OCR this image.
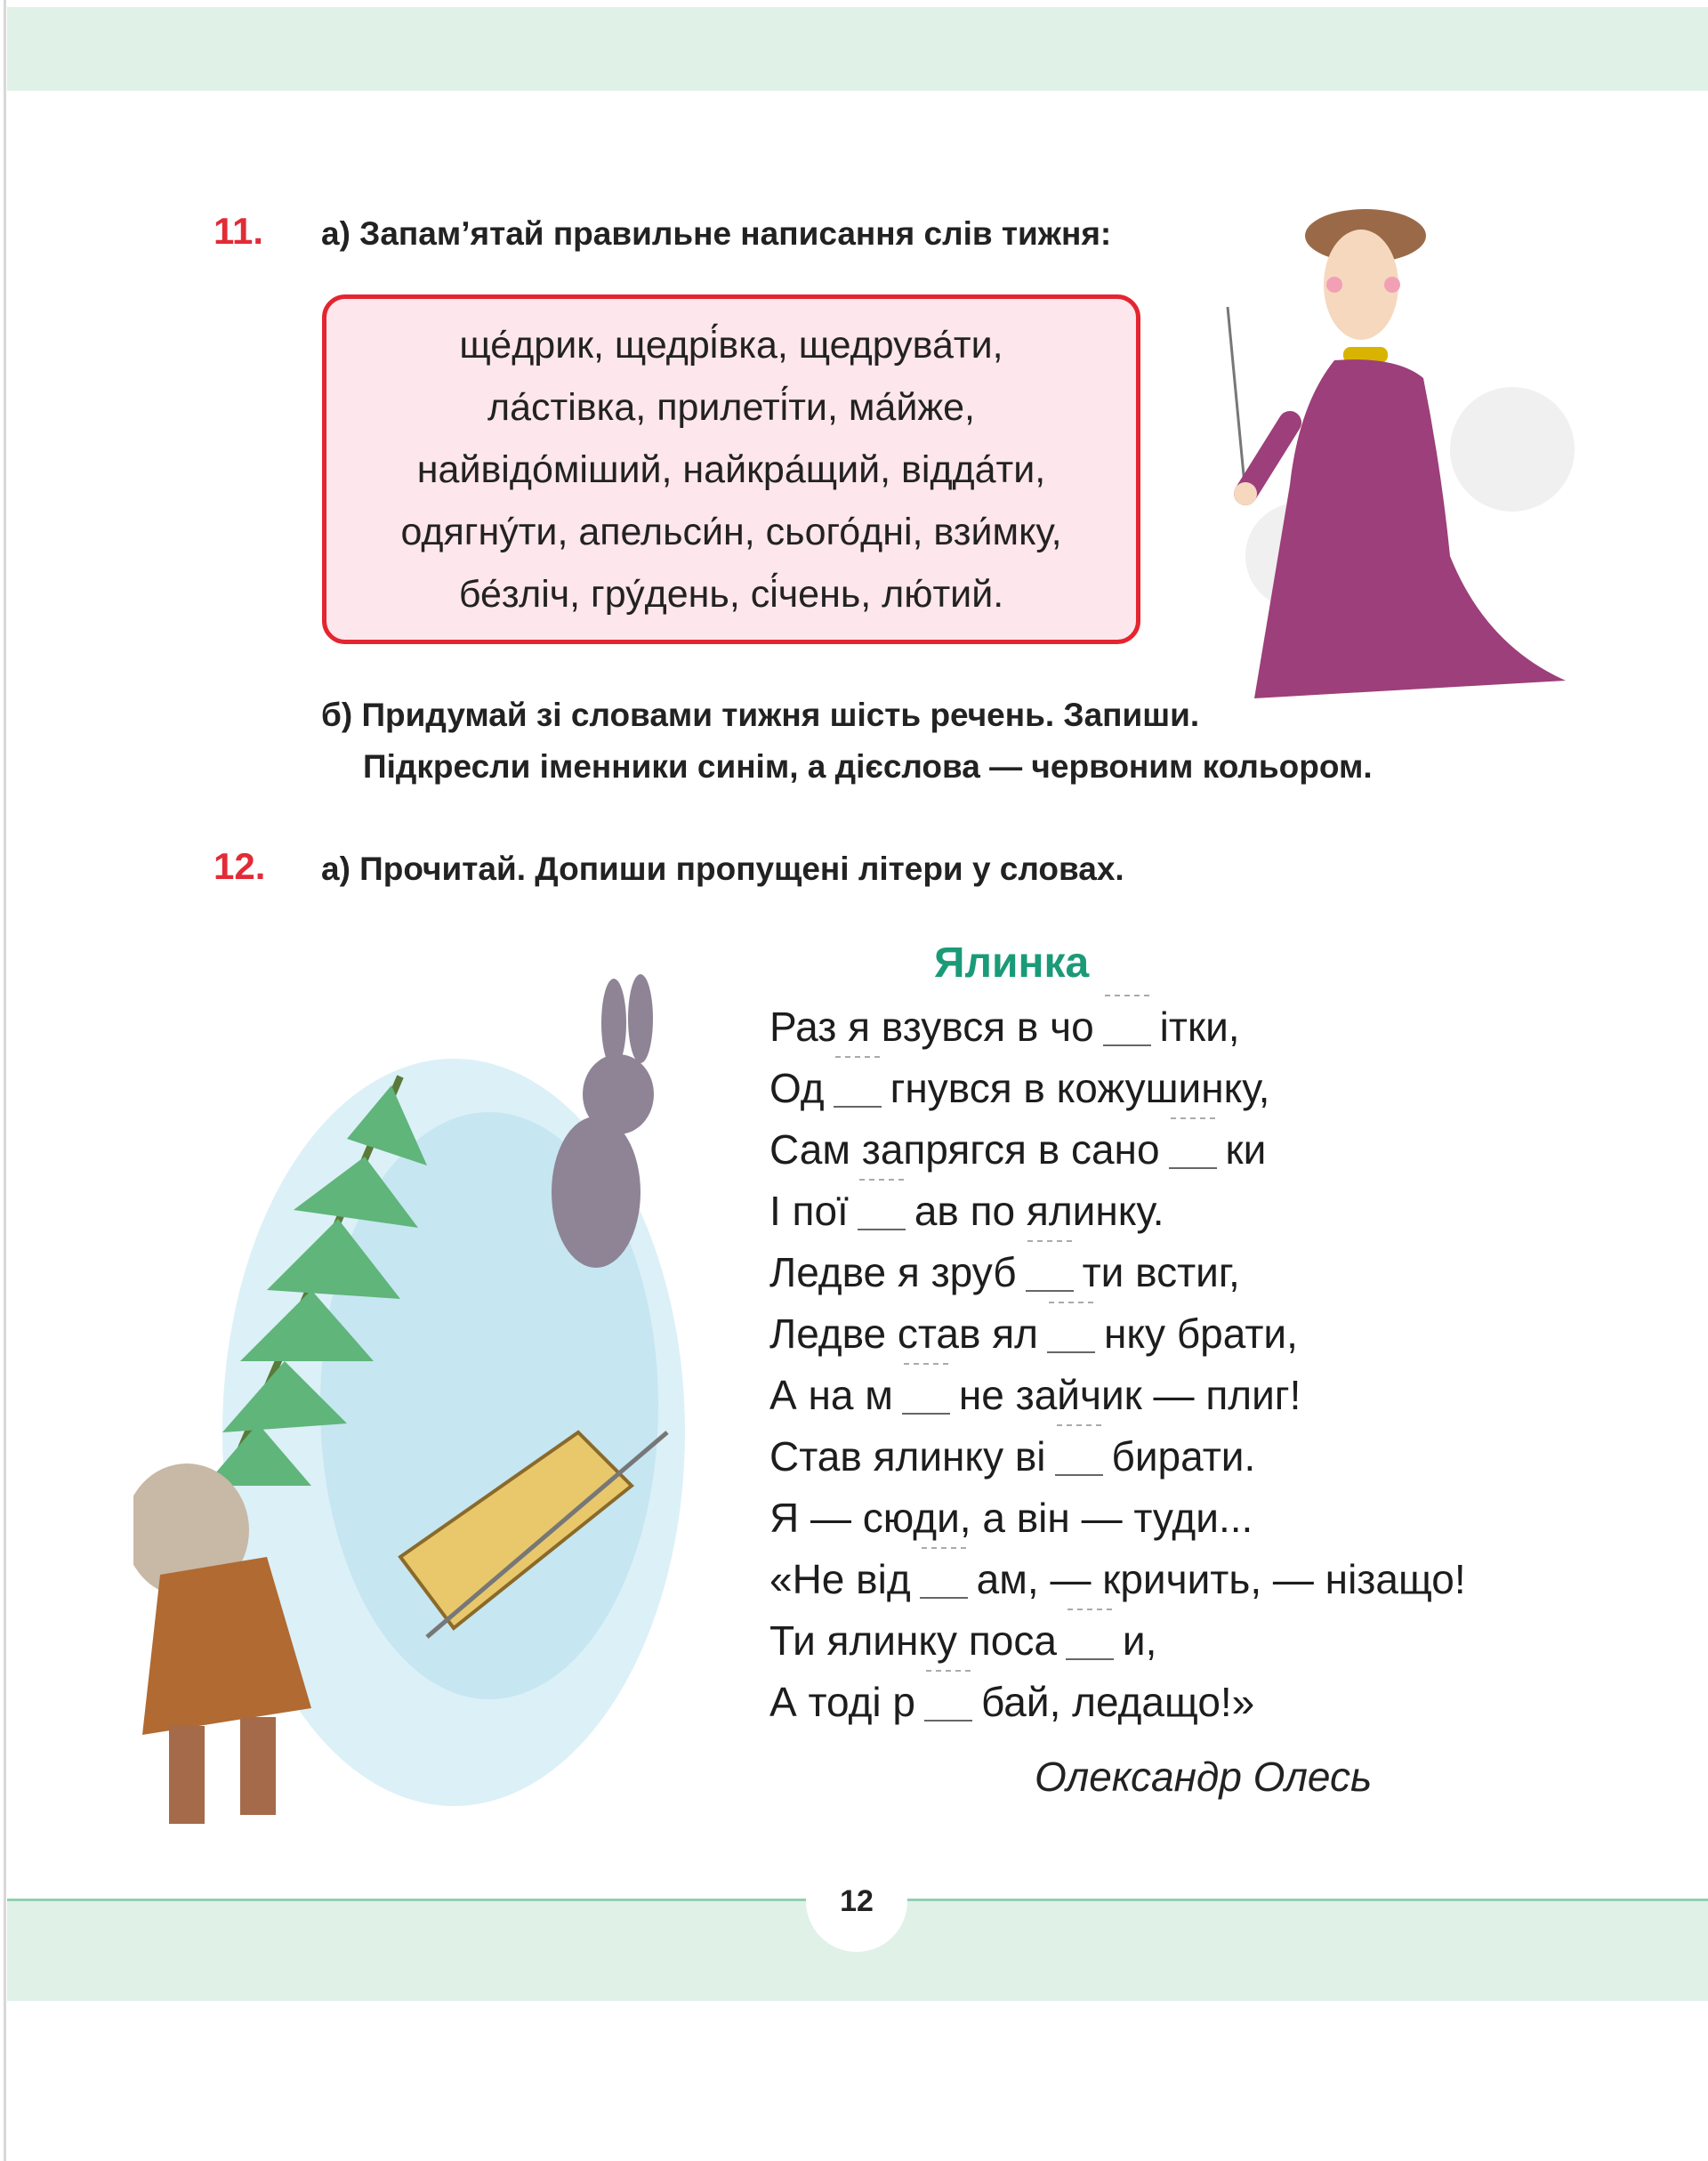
11. а) Запам’ятай правильне написання слів тижня:
ще́дрик, щедрі́вка, щедрува́ти,
ла́стівка, прилеті́ти, ма́йже,
найвідо́міший, найкра́щий, відда́ти,
одягну́ти, апельси́н, сього́дні, взи́мку,
бе́зліч, гру́день, сі́чень, лю́тий.
б) Придумай зі словами тижня шість речень. Запиши.
Підкресли іменники синім, а дієслова — червоним кольором.
12. а) Прочитай. Допиши пропущені літери у словах.
Ялинка
Раз я взувся в чо ітки,
Од гнувся в кожушинку,
Сам запрягся в сано ки
І пої ав по ялинку.
Ледве я зруб ти встиг,
Ледве став ял нку брати,
А на м не зайчик — плиг!
Став ялинку ві бирати.
Я — сюди, а він — туди...
«Не від ам, — кричить, — нізащо!
Ти ялинку поса и,
А тоді р бай, ледащо!»
Олександр Олесь
12
